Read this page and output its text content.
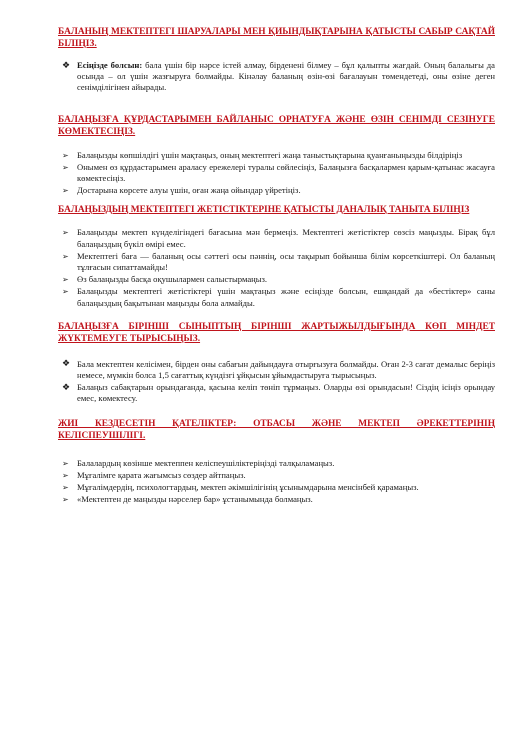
БАЛАНЫҢ МЕКТЕПТЕГІ ШАРУАЛАРЫ МЕН ҚИЫНДЫҚТАРЫНА ҚАТЫСТЫ САБЫР САҚТАЙ БІЛІҢІЗ.
❖ Есіңізде болсын: бала үшін бір нәрсе істей алмау, бірденені білмеу – бұл қалыпты жағдай. Оның балалығы да осында – ол үшін жазғыруға болмайды. Кінәлау баланың өзін-өзі бағалауын төмендетеді, оны өзіне деген сенімділігінен айырады.
БАЛАҢЫЗҒА ҚҰРДАСТАРЫМЕН БАЙЛАНЫС ОРНАТУҒА ЖӘНЕ ӨЗІН СЕНІМДІ СЕЗІНУГЕ КӨМЕКТЕСІҢІЗ.
➢ Балаңызды көпшілдігі үшін мақтаңыз, оның мектептегі жаңа таныстықтарына қуанғаныңызды білдіріңіз
➢ Онымен өз құрдастарымен араласу ережелері туралы сөйлесіңіз, Балаңызға басқалармен қарым-қатынас жасауға көмектесіңіз.
➢ Достарына көрсете алуы үшін, оған жаңа ойындар үйретіңіз.
БАЛАҢЫЗДЫҢ МЕКТЕПТЕГІ ЖЕТІСТІКТЕРІНЕ ҚАТЫСТЫ ДАНАЛЫҚ ТАНЫТА БІЛІҢІЗ
➢ Балаңызды мектеп күнделігіндегі бағасына мән бермеңіз. Мектептегі жетістіктер сөзсіз маңызды. Бірақ бұл балаңыздың бүкіл өмірі емес.
➢ Мектептегі баға — баланың осы сәттегі осы пәннің, осы тақырып бойынша білім көрсеткіштері. Ол баланың тұлғасын сипаттамайды!
➢ Өз балаңызды басқа оқушылармен салыстырмаңыз.
➢ Балаңызды мектептегі жетістіктері үшін мақтаңыз және есіңізде болсын, ешқандай да «бестіктер» саны балаңыздың бақытынан маңызды бола алмайды.
БАЛАҢЫЗҒА БІРІНШІ СЫНЫПТЫҢ БІРІНШІ ЖАРТЫЖЫЛДЫҒЫНДА КӨП МІНДЕТ ЖҮКТЕМЕУГЕ ТЫРЫСЫҢЫЗ.
❖ Бала мектептен келісімен, бірден оны сабағын дайындауға отырғызуға болмайды. Оған 2-3 сағат демалыс беріңіз немесе, мүмкін болса 1,5 сағаттық күндізгі ұйқысын ұйымдастыруға тырысыңыз.
❖ Балаңыз сабақтарын орындағанда, қасына келіп төніп тұрмаңыз. Оларды өзі орындасын! Сіздің ісіңіз орындау емес, көмектесу.
ЖИІ КЕЗДЕСЕТІН ҚАТЕЛІКТЕР: ОТБАСЫ ЖӘНЕ МЕКТЕП ӘРЕКЕТТЕРІНІҢ КЕЛІСПЕУШІЛІГІ.
➢ Балалардың көзінше мектеппен келіспеушіліктеріңізді талқыламаңыз.
➢ Мұғалімге қарата жағымсыз сөздер айтпаңыз.
➢ Мұғалімдердің, психологтардың, мектеп әкімшілігінің ұсынымдарына менсінбей қарамаңыз.
➢ «Мектептен де маңызды нәрселер бар» ұстанымында болмаңыз.
